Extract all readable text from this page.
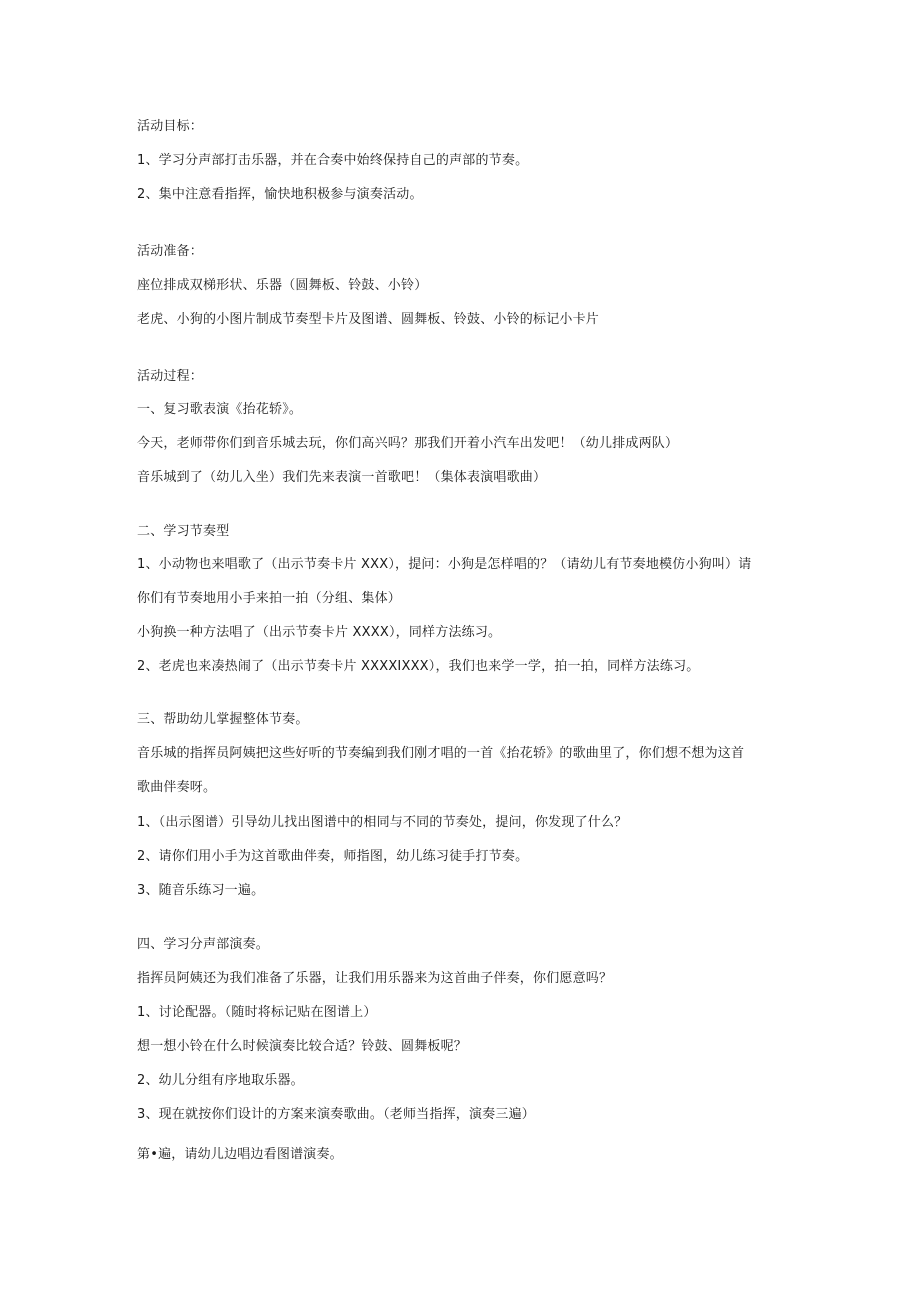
活动目标：
1、学习分声部打击乐器，并在合奏中始终保持自己的声部的节奏。
2、集中注意看指挥，愉快地积极参与演奏活动。
活动准备：
座位排成双梯形状、乐器（圆舞板、铃鼓、小铃）
老虎、小狗的小图片制成节奏型卡片及图谱、圆舞板、铃鼓、小铃的标记小卡片
活动过程：
一、复习歌表演《抬花轿》。
今天，老师带你们到音乐城去玩，你们高兴吗？那我们开着小汽车出发吧！（幼儿排成两队）
音乐城到了（幼儿入坐）我们先来表演一首歌吧！（集体表演唱歌曲）
二、学习节奏型
1、小动物也来唱歌了（出示节奏卡片 XXX），提问：小狗是怎样唱的？（请幼儿有节奏地模仿小狗叫）请
你们有节奏地用小手来拍一拍（分组、集体）
小狗换一种方法唱了（出示节奏卡片 XXXX），同样方法练习。
2、老虎也来凑热闹了（出示节奏卡片 XXXXIXXX），我们也来学一学，拍一拍，同样方法练习。
三、帮助幼儿掌握整体节奏。
音乐城的指挥员阿姨把这些好听的节奏编到我们刚才唱的一首《抬花轿》的歌曲里了，你们想不想为这首
歌曲伴奏呀。
1、（出示图谱）引导幼儿找出图谱中的相同与不同的节奏处，提问，你发现了什么？
2、请你们用小手为这首歌曲伴奏，师指图，幼儿练习徒手打节奏。
3、随音乐练习一遍。
四、学习分声部演奏。
指挥员阿姨还为我们准备了乐器，让我们用乐器来为这首曲子伴奏，你们愿意吗？
1、讨论配器。（随时将标记贴在图谱上）
想一想小铃在什么时候演奏比较合适？铃鼓、圆舞板呢？
2、幼儿分组有序地取乐器。
3、现在就按你们设计的方案来演奏歌曲。（老师当指挥，演奏三遍）
第•遍，请幼儿边唱边看图谱演奏。
